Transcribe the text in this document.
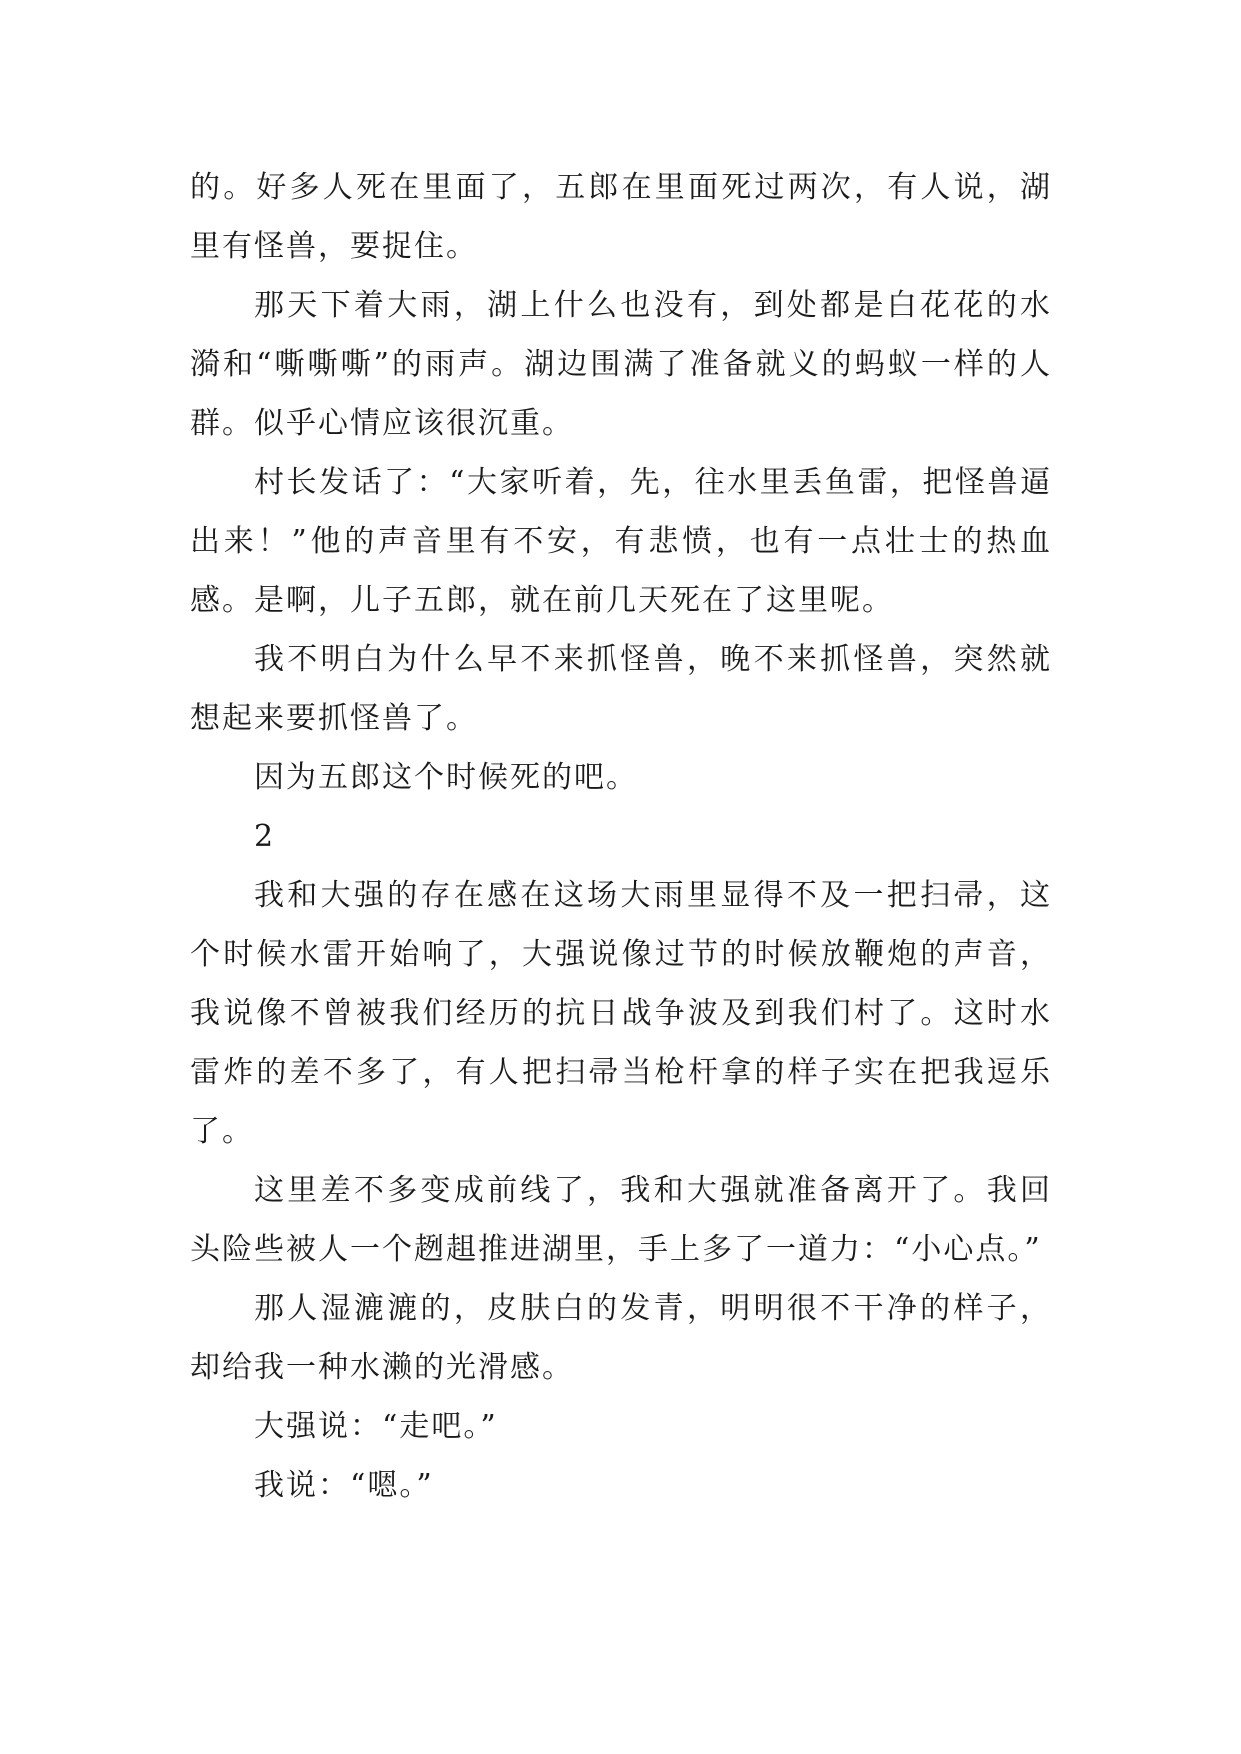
的。好多人死在里面了，五郎在里面死过两次，有人说，湖里有怪兽，要捉住。

那天下着大雨，湖上什么也没有，到处都是白花花的水漪和“嘶嘶嘶”的雨声。湖边围满了准备就义的蚂蚁一样的人群。似乎心情应该很沉重。

村长发话了：“大家听着，先，往水里丢鱼雷，把怪兽逼出来！”他的声音里有不安，有悲愤，也有一点壮士的热血感。是啊，儿子五郎，就在前几天死在了这里呢。

我不明白为什么早不来抓怪兽，晚不来抓怪兽，突然就想起来要抓怪兽了。

因为五郎这个时候死的吧。

2

我和大强的存在感在这场大雨里显得不及一把扫帚，这个时候水雷开始响了，大强说像过节的时候放鞭炮的声音，我说像不曾被我们经历的抗日战争波及到我们村了。这时水雷炸的差不多了，有人把扫帚当枪杆拿的样子实在把我逗乐了。

这里差不多变成前线了，我和大强就准备离开了。我回头险些被人一个趔趄推进湖里，手上多了一道力：“小心点。”

那人湿漉漉的，皮肤白的发青，明明很不干净的样子，却给我一种水濑的光滑感。

大强说：“走吧。”

我说：“嗯。”
